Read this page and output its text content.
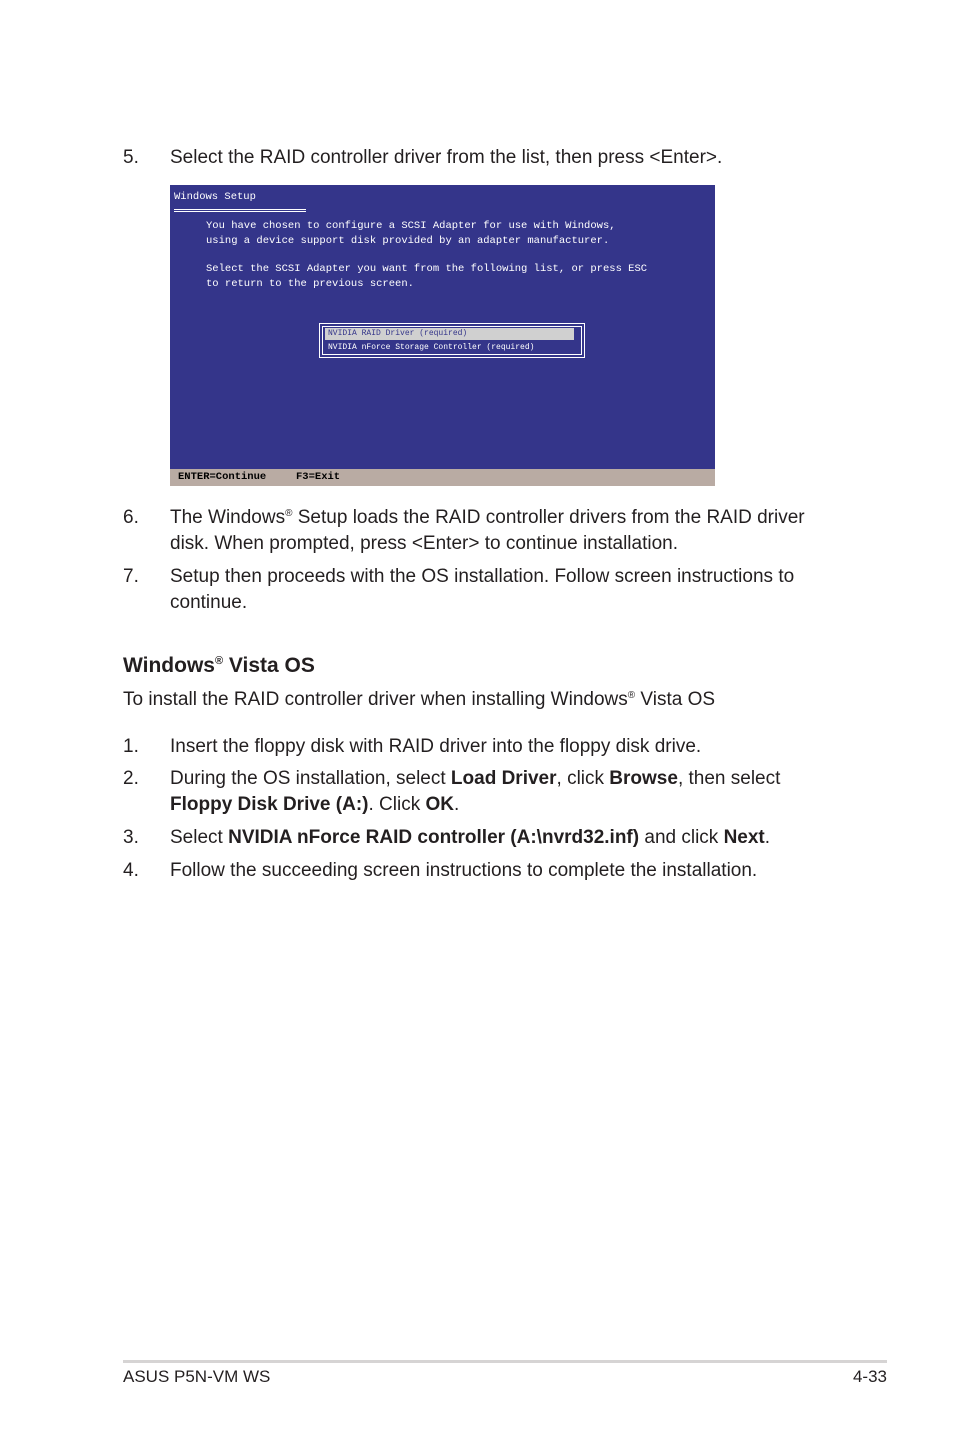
5. Select the RAID controller driver from the list, then press <Enter>.
Windows Setup
You have chosen to configure a SCSI Adapter for use with Windows,
using a device support disk provided by an adapter manufacturer.
Select the SCSI Adapter you want from the following list, or press ESC
to return to the previous screen.
NVIDIA RAID Driver (required)
NVIDIA nForce Storage Controller (required)
ENTER=Continue	F3=Exit
6. The Windows® Setup loads the RAID controller drivers from the RAID driver disk. When prompted, press <Enter> to continue installation.
7. Setup then proceeds with the OS installation. Follow screen instructions to continue.
Windows® Vista OS
To install the RAID controller driver when installing Windows® Vista OS
1. Insert the floppy disk with RAID driver into the floppy disk drive.
2. During the OS installation, select Load Driver, click Browse, then select Floppy Disk Drive (A:). Click OK.
3. Select NVIDIA nForce RAID controller (A:\nvrd32.inf) and click Next.
4. Follow the succeeding screen instructions to complete the installation.
ASUS P5N-VM WS	4-33
